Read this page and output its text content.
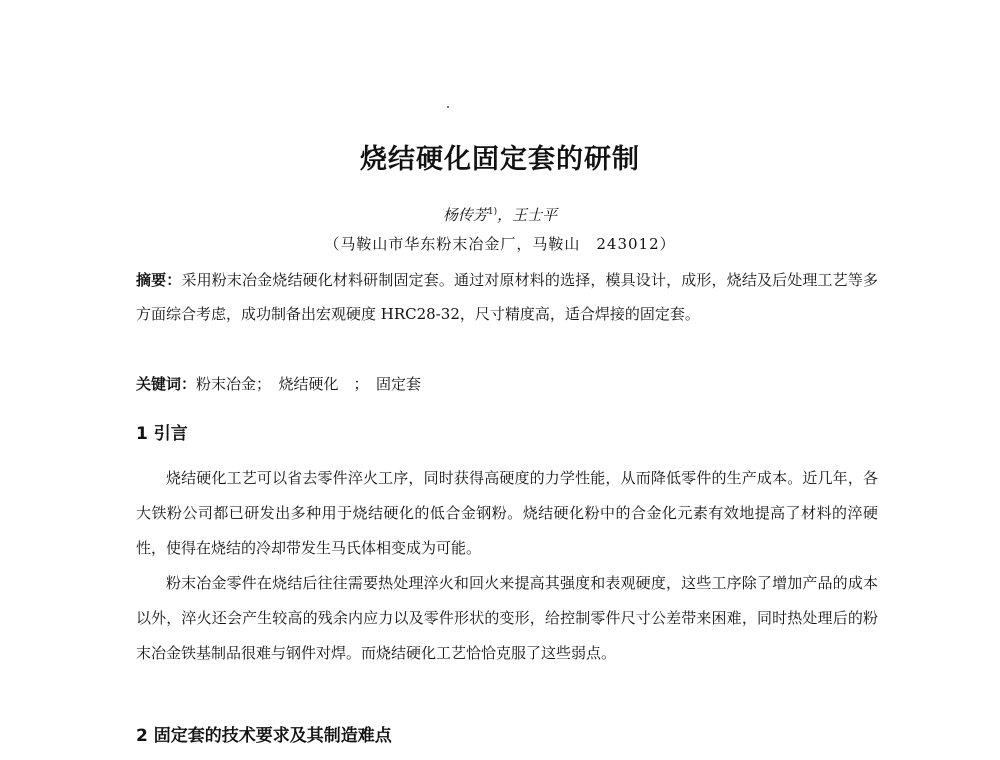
烧结硬化固定套的研制
杨传芳$^{1)}$，王士平
（马鞍山市华东粉末冶金厂，马鞍山　243012）
摘要：采用粉末冶金烧结硬化材料研制固定套。通过对原材料的选择，模具设计，成形，烧结及后处理工艺等多方面综合考虑，成功制备出宏观硬度 HRC28-32，尺寸精度高，适合焊接的固定套。
关键词：粉末冶金；　烧结硬化　；　固定套
1 引言
烧结硬化工艺可以省去零件淬火工序，同时获得高硬度的力学性能，从而降低零件的生产成本。近几年，各大铁粉公司都已研发出多种用于烧结硬化的低合金钢粉。烧结硬化粉中的合金化元素有效地提高了材料的淬硬性，使得在烧结的冷却带发生马氏体相变成为可能。
粉末冶金零件在烧结后往往需要热处理淬火和回火来提高其强度和表观硬度，这些工序除了增加产品的成本以外，淬火还会产生较高的残余内应力以及零件形状的变形，给控制零件尺寸公差带来困难，同时热处理后的粉末冶金铁基制品很难与钢件对焊。而烧结硬化工艺恰恰克服了这些弱点。
2 固定套的技术要求及其制造难点
